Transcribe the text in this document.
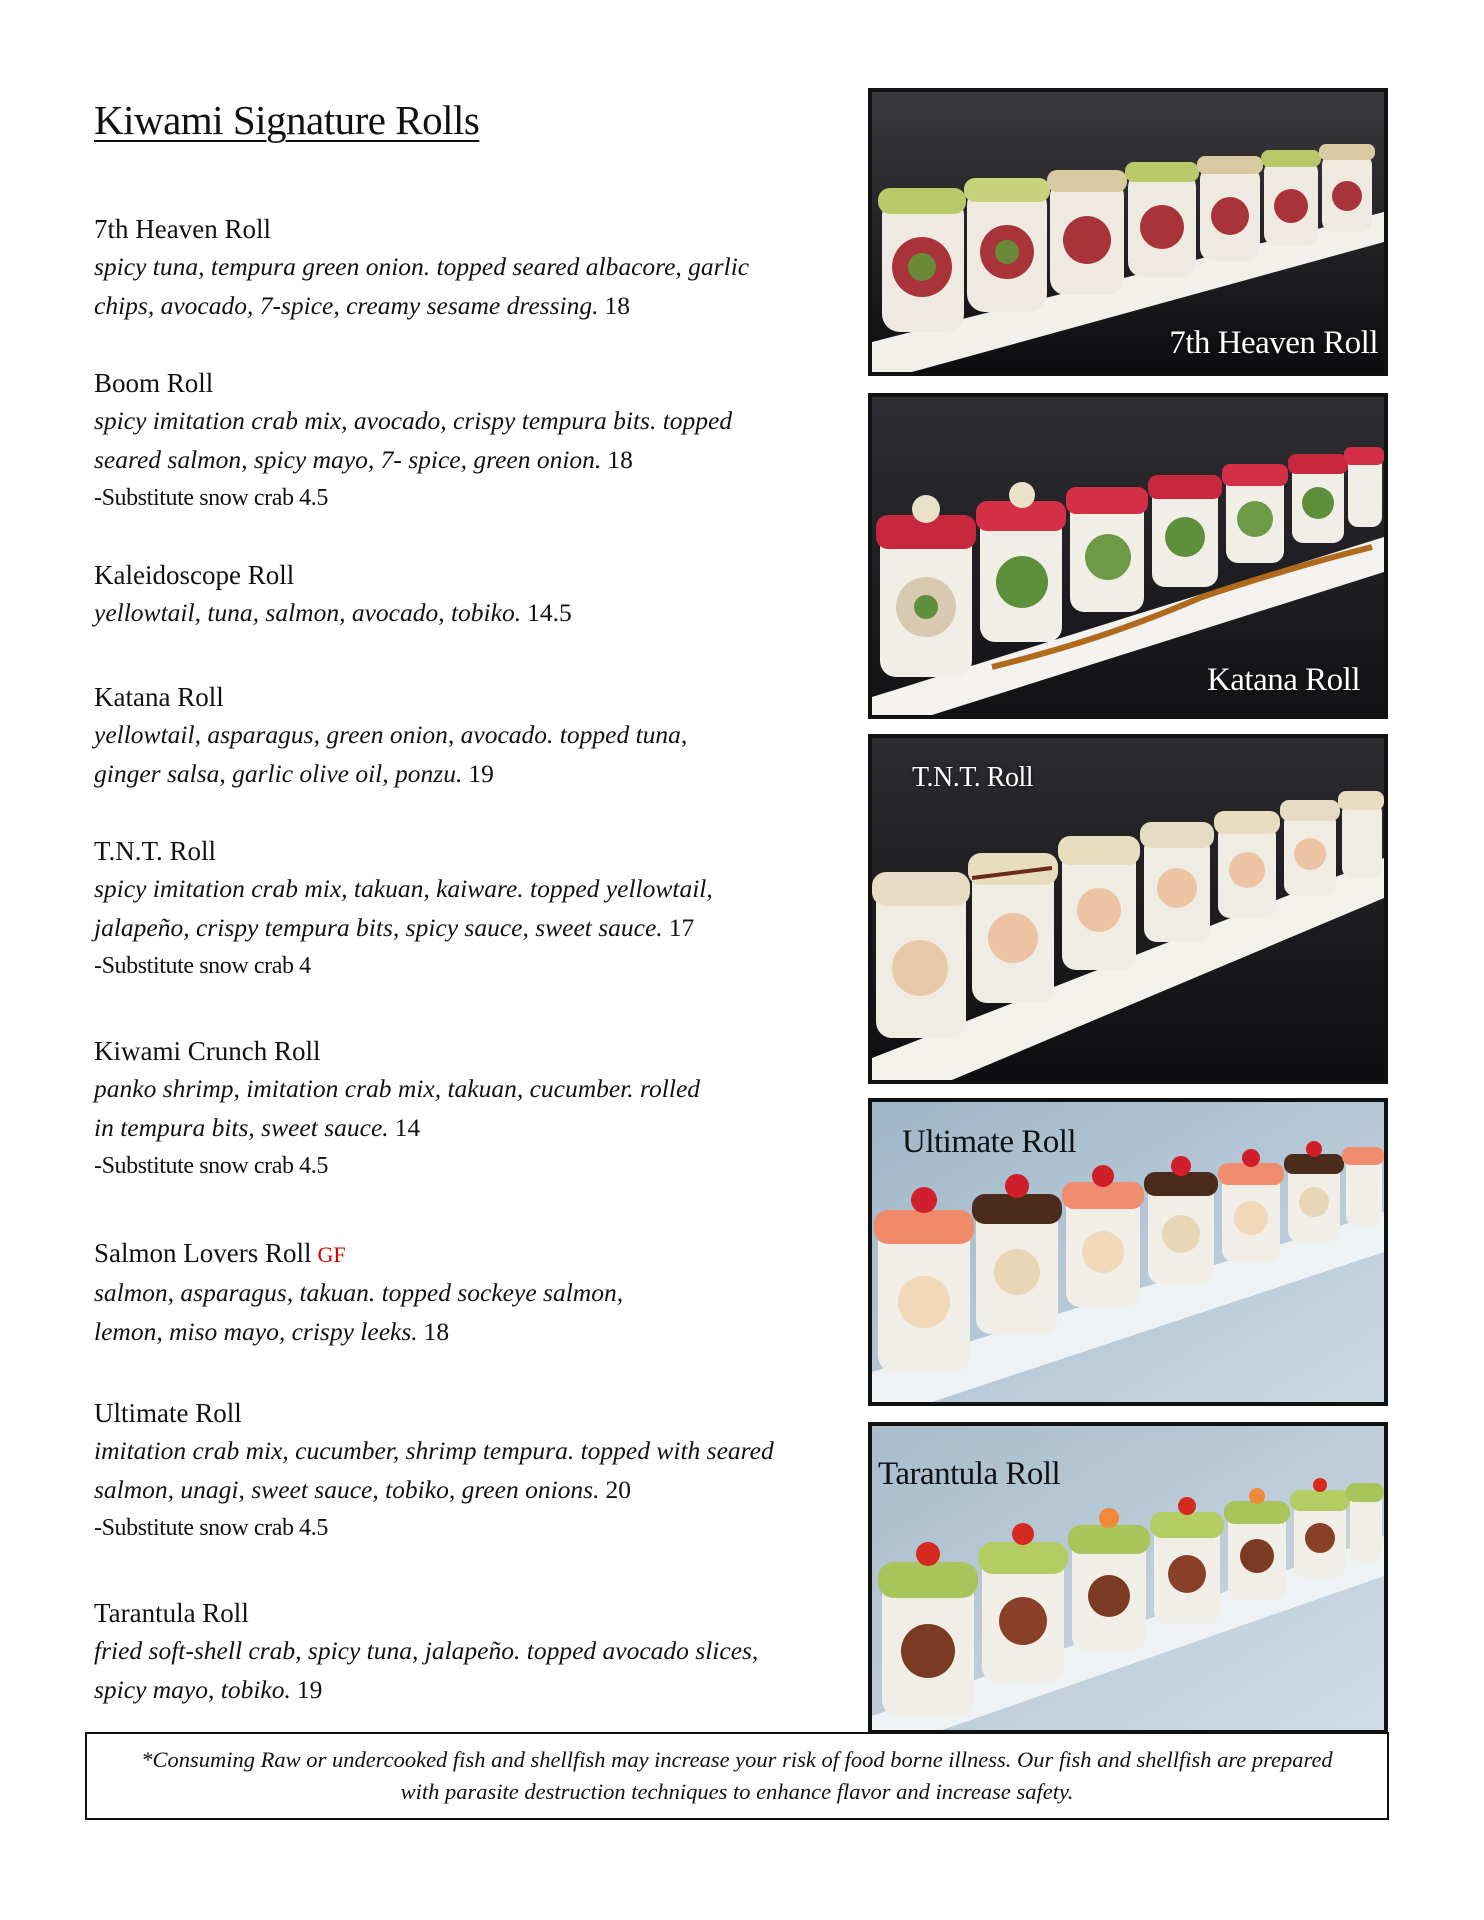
Kiwami Signature Rolls
7th Heaven Roll
spicy tuna, tempura green onion. topped seared albacore, garlic
chips, avocado, 7-spice, creamy sesame dressing. 18
Boom Roll
spicy imitation crab mix, avocado, crispy tempura bits. topped
seared salmon, spicy mayo, 7- spice, green onion. 18
-Substitute snow crab 4.5
Kaleidoscope Roll
yellowtail, tuna, salmon, avocado, tobiko. 14.5
Katana Roll
yellowtail, asparagus, green onion, avocado. topped tuna,
ginger salsa, garlic olive oil, ponzu. 19
T.N.T. Roll
spicy imitation crab mix, takuan, kaiware. topped yellowtail,
jalapeño, crispy tempura bits, spicy sauce, sweet sauce. 17
-Substitute snow crab 4
Kiwami Crunch Roll
panko shrimp, imitation crab mix, takuan, cucumber. rolled
in tempura bits, sweet sauce. 14
-Substitute snow crab 4.5
Salmon Lovers Roll GF
salmon, asparagus, takuan. topped sockeye salmon,
lemon, miso mayo, crispy leeks. 18
Ultimate Roll
imitation crab mix, cucumber, shrimp tempura. topped with seared
salmon, unagi, sweet sauce, tobiko, green onions. 20
-Substitute snow crab 4.5
Tarantula Roll
fried soft-shell crab, spicy tuna, jalapeño. topped avocado slices,
spicy mayo, tobiko. 19
7th Heaven Roll
Katana Roll
T.N.T. Roll
Ultimate Roll
Tarantula Roll
*Consuming Raw or undercooked fish and shellfish may increase your risk of food borne illness. Our fish and shellfish are prepared
with parasite destruction techniques to enhance flavor and increase safety.
